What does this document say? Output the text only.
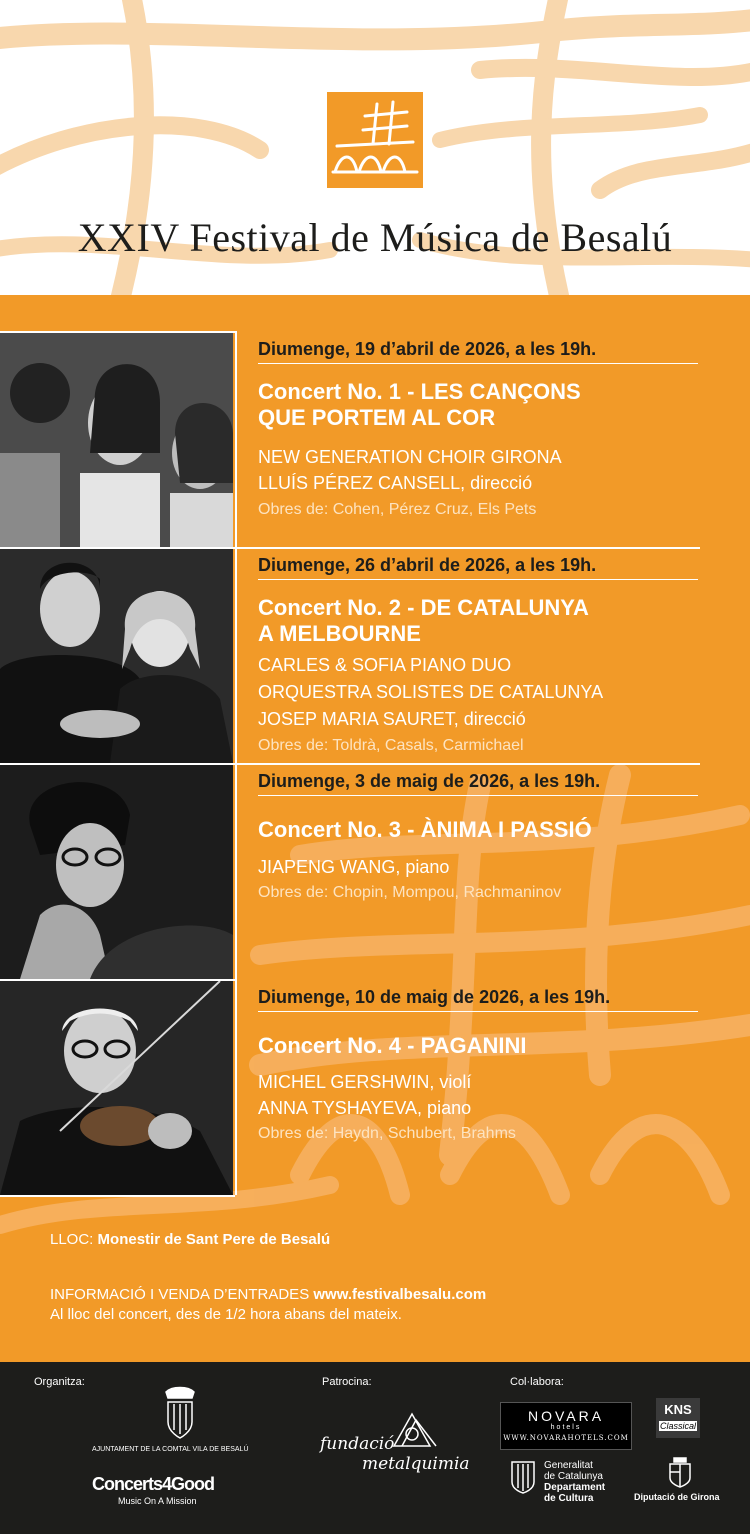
XXIV Festival de Música de Besalú
Diumenge, 19 d’abril de 2026, a les 19h.
Concert No. 1 - LES CANÇONS
QUE PORTEM AL COR
NEW GENERATION CHOIR GIRONA
LLUÍS PÉREZ CANSELL, direcció
Obres de: Cohen, Pérez Cruz, Els Pets
Diumenge, 26 d’abril de 2026, a les 19h.
Concert No. 2 - DE CATALUNYA
A MELBOURNE
CARLES & SOFIA PIANO DUO
ORQUESTRA SOLISTES DE CATALUNYA
JOSEP MARIA SAURET, direcció
Obres de: Toldrà, Casals, Carmichael
Diumenge, 3 de maig de 2026, a les 19h.
Concert No. 3 - ÀNIMA I PASSIÓ
JIAPENG WANG, piano
Obres de: Chopin, Mompou, Rachmaninov
Diumenge, 10 de maig de 2026, a les 19h.
Concert No. 4 - PAGANINI
MICHEL GERSHWIN, violí
ANNA TYSHAYEVA, piano
Obres de: Haydn, Schubert, Brahms
LLOC: Monestir de Sant Pere de Besalú
INFORMACIÓ I VENDA D’ENTRADES www.festivalbesalu.com
Al lloc del concert, des de 1/2 hora abans del mateix.
Organitza:	Patrocina:	Col·labora:
AJUNTAMENT DE LA COMTAL VILA DE BESALÚ
Concerts4Good
Music On A Mission
fundació
metalquimia
NOVARA
hotels
WWW.NOVARAHOTELS.COM
KNS
Classical
Generalitat
de Catalunya
Departament
de Cultura	Diputació de Girona
